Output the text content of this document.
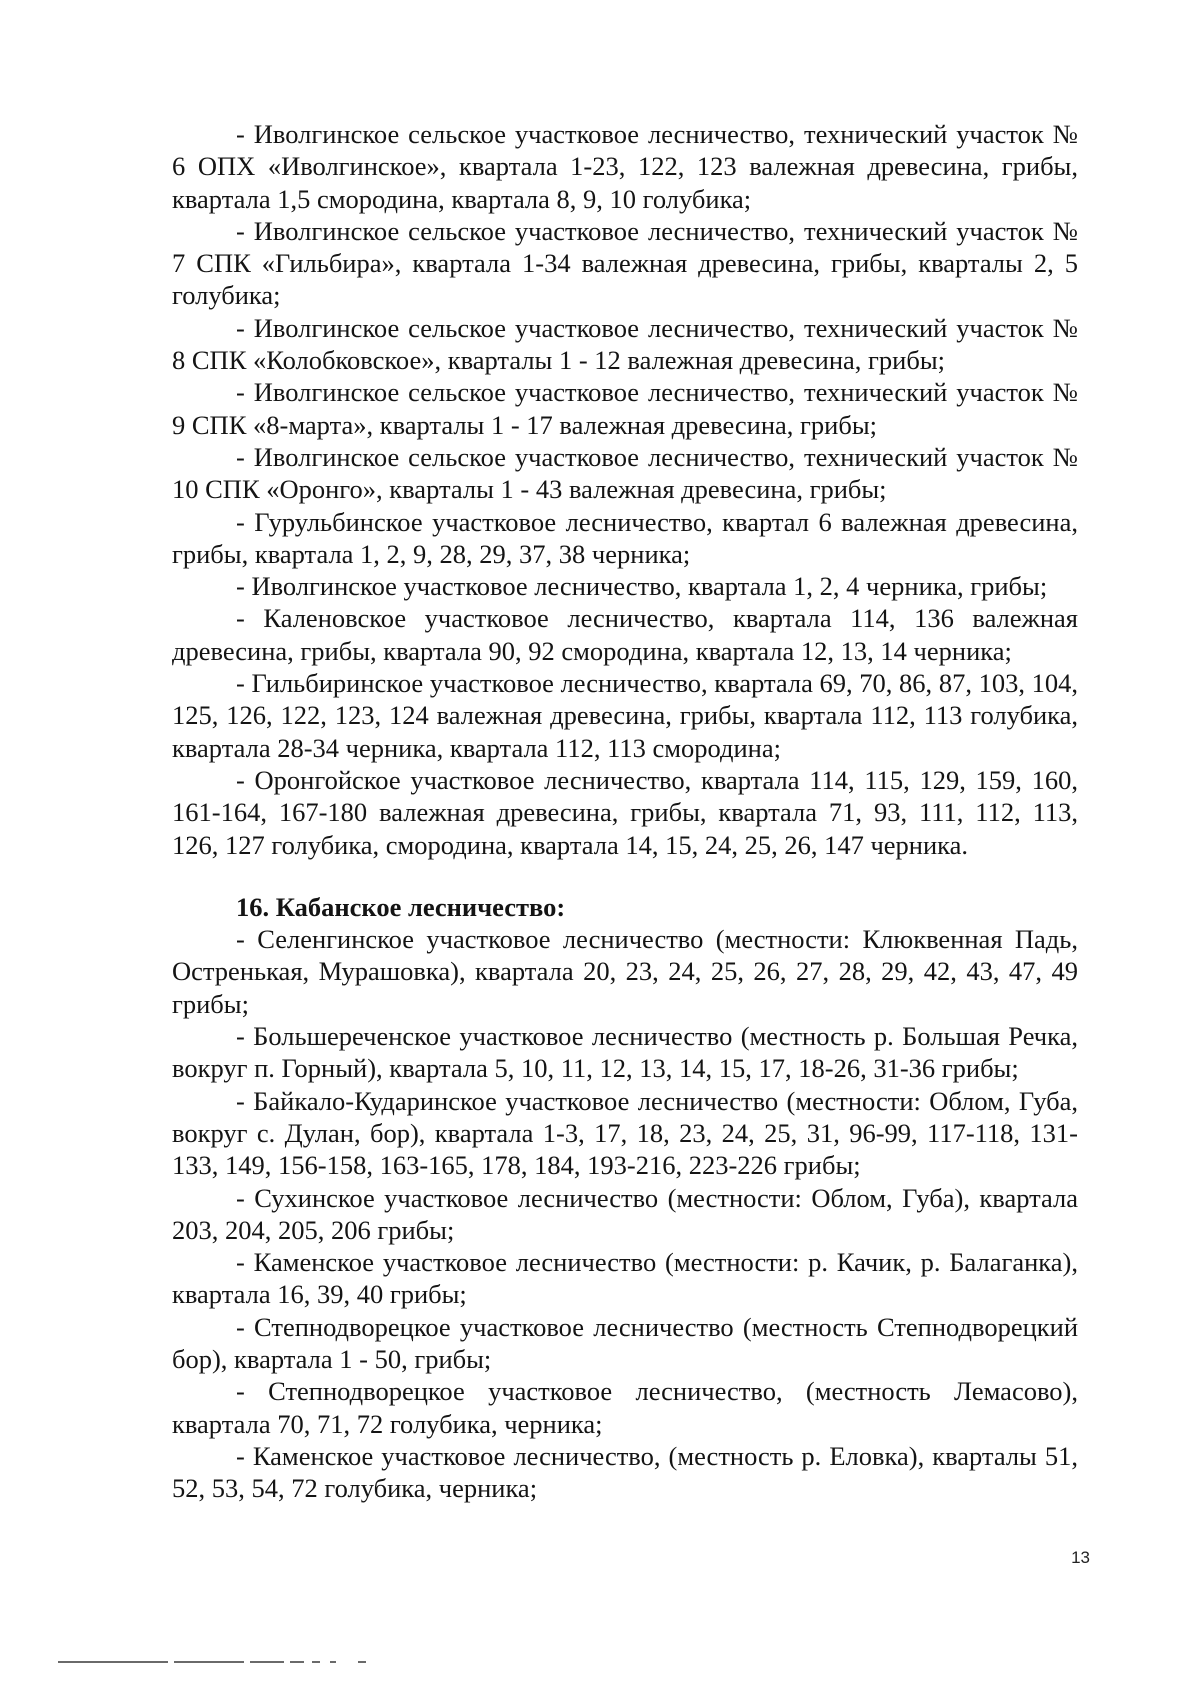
- Иволгинское сельское участковое лесничество, технический участок № 6 ОПХ «Иволгинское», квартала 1-23, 122, 123 валежная древесина, грибы, квартала 1,5 смородина, квартала 8, 9, 10 голубика;

- Иволгинское сельское участковое лесничество, технический участок № 7 СПК «Гильбира», квартала 1-34 валежная древесина, грибы, кварталы 2, 5 голубика;

- Иволгинское сельское участковое лесничество, технический участок № 8 СПК «Колобковское», кварталы 1 - 12 валежная древесина, грибы;

- Иволгинское сельское участковое лесничество, технический участок № 9 СПК «8-марта», кварталы 1 - 17 валежная древесина, грибы;

- Иволгинское сельское участковое лесничество, технический участок № 10 СПК «Оронго», кварталы 1 - 43 валежная древесина, грибы;

- Гурульбинское участковое лесничество, квартал 6 валежная древесина, грибы, квартала 1, 2, 9, 28, 29, 37, 38 черника;

- Иволгинское участковое лесничество, квартала 1, 2, 4 черника, грибы;

- Каленовское участковое лесничество, квартала 114, 136 валежная древесина, грибы, квартала 90, 92 смородина, квартала 12, 13, 14 черника;

- Гильбиринское участковое лесничество, квартала 69, 70, 86, 87, 103, 104, 125, 126, 122, 123, 124 валежная древесина, грибы, квартала 112, 113 голубика, квартала 28-34 черника, квартала 112, 113 смородина;

- Оронгойское участковое лесничество, квартала 114, 115, 129, 159, 160, 161-164, 167-180 валежная древесина, грибы, квартала 71, 93, 111, 112, 113, 126, 127 голубика, смородина, квартала 14, 15, 24, 25, 26, 147 черника.

16. Кабанское лесничество:

- Селенгинское участковое лесничество (местности: Клюквенная Падь, Остренькая, Мурашовка), квартала 20, 23, 24, 25, 26, 27, 28, 29, 42, 43, 47, 49 грибы;

- Большереченское участковое лесничество (местность р. Большая Речка, вокруг п. Горный), квартала 5, 10, 11, 12, 13, 14, 15, 17, 18-26, 31-36 грибы;

- Байкало-Кударинское участковое лесничество (местности: Облом, Губа, вокруг с. Дулан, бор), квартала 1-3, 17, 18, 23, 24, 25, 31, 96-99, 117-118, 131-133, 149, 156-158, 163-165, 178, 184, 193-216, 223-226 грибы;

- Сухинское участковое лесничество (местности: Облом, Губа), квартала 203, 204, 205, 206 грибы;

- Каменское участковое лесничество (местности: р. Качик, р. Балаганка), квартала 16, 39, 40 грибы;

- Степнодворецкое участковое лесничество (местность Степнодворецкий бор), квартала 1 - 50, грибы;

- Степнодворецкое участковое лесничество, (местность Лемасово), квартала 70, 71, 72 голубика, черника;

- Каменское участковое лесничество, (местность р. Еловка), кварталы 51, 52, 53, 54, 72 голубика, черника;

13
